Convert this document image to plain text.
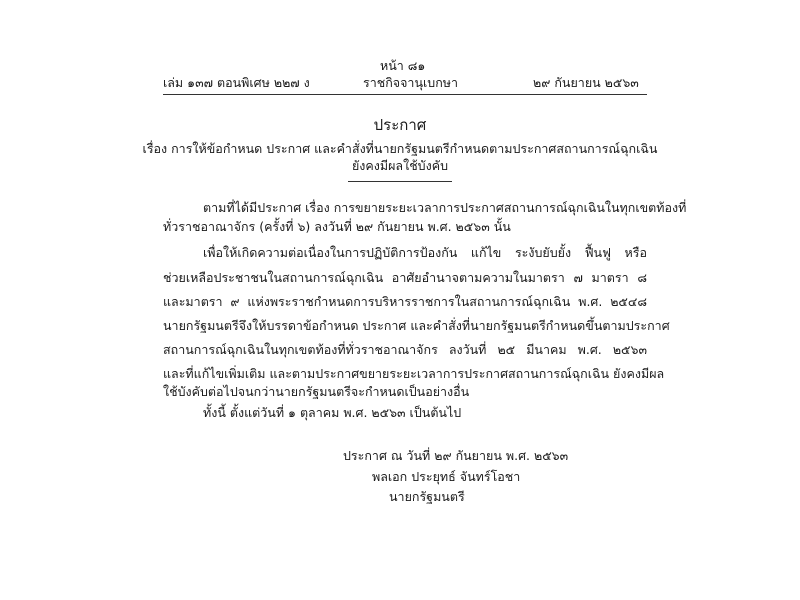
หน้า ๘๑
เล่ม ๑๓๗ ตอนพิเศษ ๒๒๗ ง	ราชกิจจานุเบกษา	๒๙ กันยายน ๒๕๖๓
ประกาศ
เรื่อง การให้ข้อกำหนด ประกาศ และคำสั่งที่นายกรัฐมนตรีกำหนดตามประกาศสถานการณ์ฉุกเฉิน
ยังคงมีผลใช้บังคับ
ตามที่ได้มีประกาศ เรื่อง การขยายระยะเวลาการประกาศสถานการณ์ฉุกเฉินในทุกเขตท้องที่
ทั่วราชอาณาจักร (ครั้งที่ ๖) ลงวันที่ ๒๙ กันยายน พ.ศ. ๒๕๖๓ นั้น
เพื่อให้เกิดความต่อเนื่องในการปฏิบัติการป้องกัน แก้ไข ระงับยับยั้ง ฟื้นฟู หรือ
ช่วยเหลือประชาชนในสถานการณ์ฉุกเฉิน อาศัยอำนาจตามความในมาตรา ๗ มาตรา ๘
และมาตรา ๙ แห่งพระราชกำหนดการบริหารราชการในสถานการณ์ฉุกเฉิน พ.ศ. ๒๕๔๘
นายกรัฐมนตรีจึงให้บรรดาข้อกำหนด ประกาศ และคำสั่งที่นายกรัฐมนตรีกำหนดขึ้นตามประกาศ
สถานการณ์ฉุกเฉินในทุกเขตท้องที่ทั่วราชอาณาจักร ลงวันที่ ๒๕ มีนาคม พ.ศ. ๒๕๖๓
และที่แก้ไขเพิ่มเติม และตามประกาศขยายระยะเวลาการประกาศสถานการณ์ฉุกเฉิน ยังคงมีผล
ใช้บังคับต่อไปจนกว่านายกรัฐมนตรีจะกำหนดเป็นอย่างอื่น
ทั้งนี้ ตั้งแต่วันที่ ๑ ตุลาคม พ.ศ. ๒๕๖๓ เป็นต้นไป
ประกาศ ณ วันที่ ๒๙ กันยายน พ.ศ. ๒๕๖๓
พลเอก ประยุทธ์ จันทร์โอชา
นายกรัฐมนตรี
